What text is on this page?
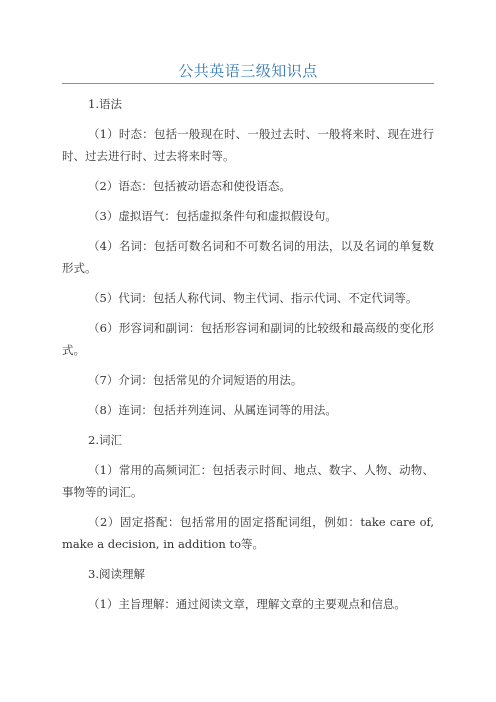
公共英语三级知识点

1.语法

（1）时态：包括一般现在时、一般过去时、一般将来时、现在进行时、过去进行时、过去将来时等。

（2）语态：包括被动语态和使役语态。

（3）虚拟语气：包括虚拟条件句和虚拟假设句。

（4）名词：包括可数名词和不可数名词的用法，以及名词的单复数形式。

（5）代词：包括人称代词、物主代词、指示代词、不定代词等。

（6）形容词和副词：包括形容词和副词的比较级和最高级的变化形式。

（7）介词：包括常见的介词短语的用法。

（8）连词：包括并列连词、从属连词等的用法。

2.词汇

（1）常用的高频词汇：包括表示时间、地点、数字、人物、动物、事物等的词汇。

（2）固定搭配：包括常用的固定搭配词组，例如：take care of, make a decision, in addition to等。

3.阅读理解

（1）主旨理解：通过阅读文章，理解文章的主要观点和信息。
